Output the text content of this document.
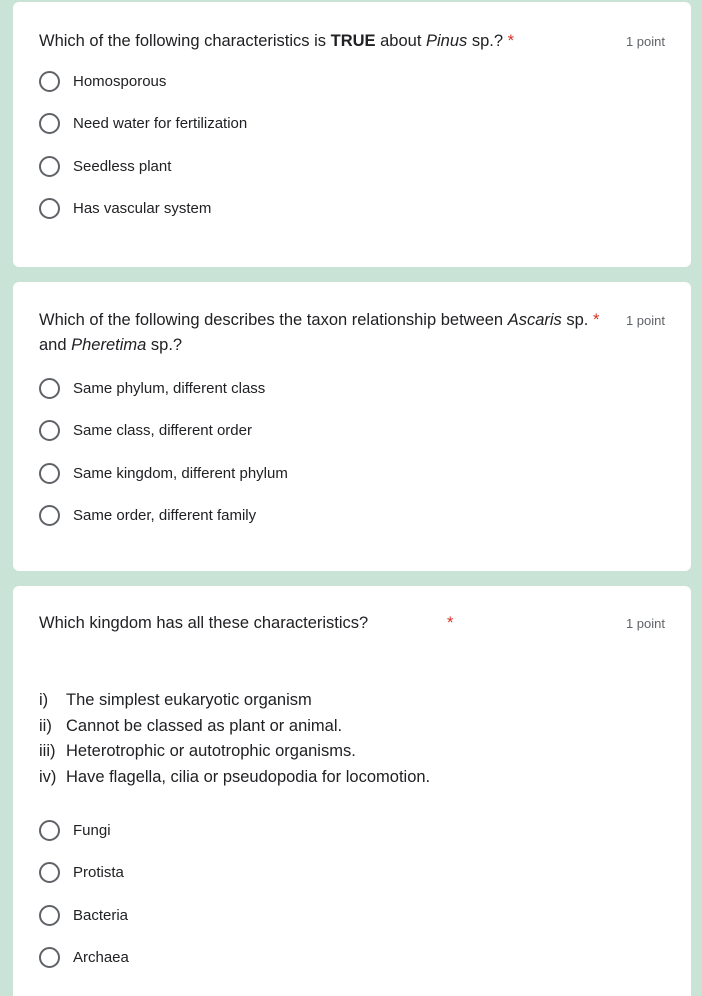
Which of the following characteristics is TRUE about Pinus sp.? *	1 point
Homosporous
Need water for fertilization
Seedless plant
Has vascular system
Which of the following describes the taxon relationship between Ascaris sp. *
and Pheretima sp.?
1 point
Same phylum, different class
Same class, different order
Same kingdom, different phylum
Same order, different family
Which kingdom has all these characteristics?	*	1 point
i)	The simplest eukaryotic organism
ii) Cannot be classed as plant or animal.
iii) Heterotrophic or autotrophic organisms.
iv) Have flagella, cilia or pseudopodia for locomotion.
Fungi
Protista
Bacteria
Archaea
